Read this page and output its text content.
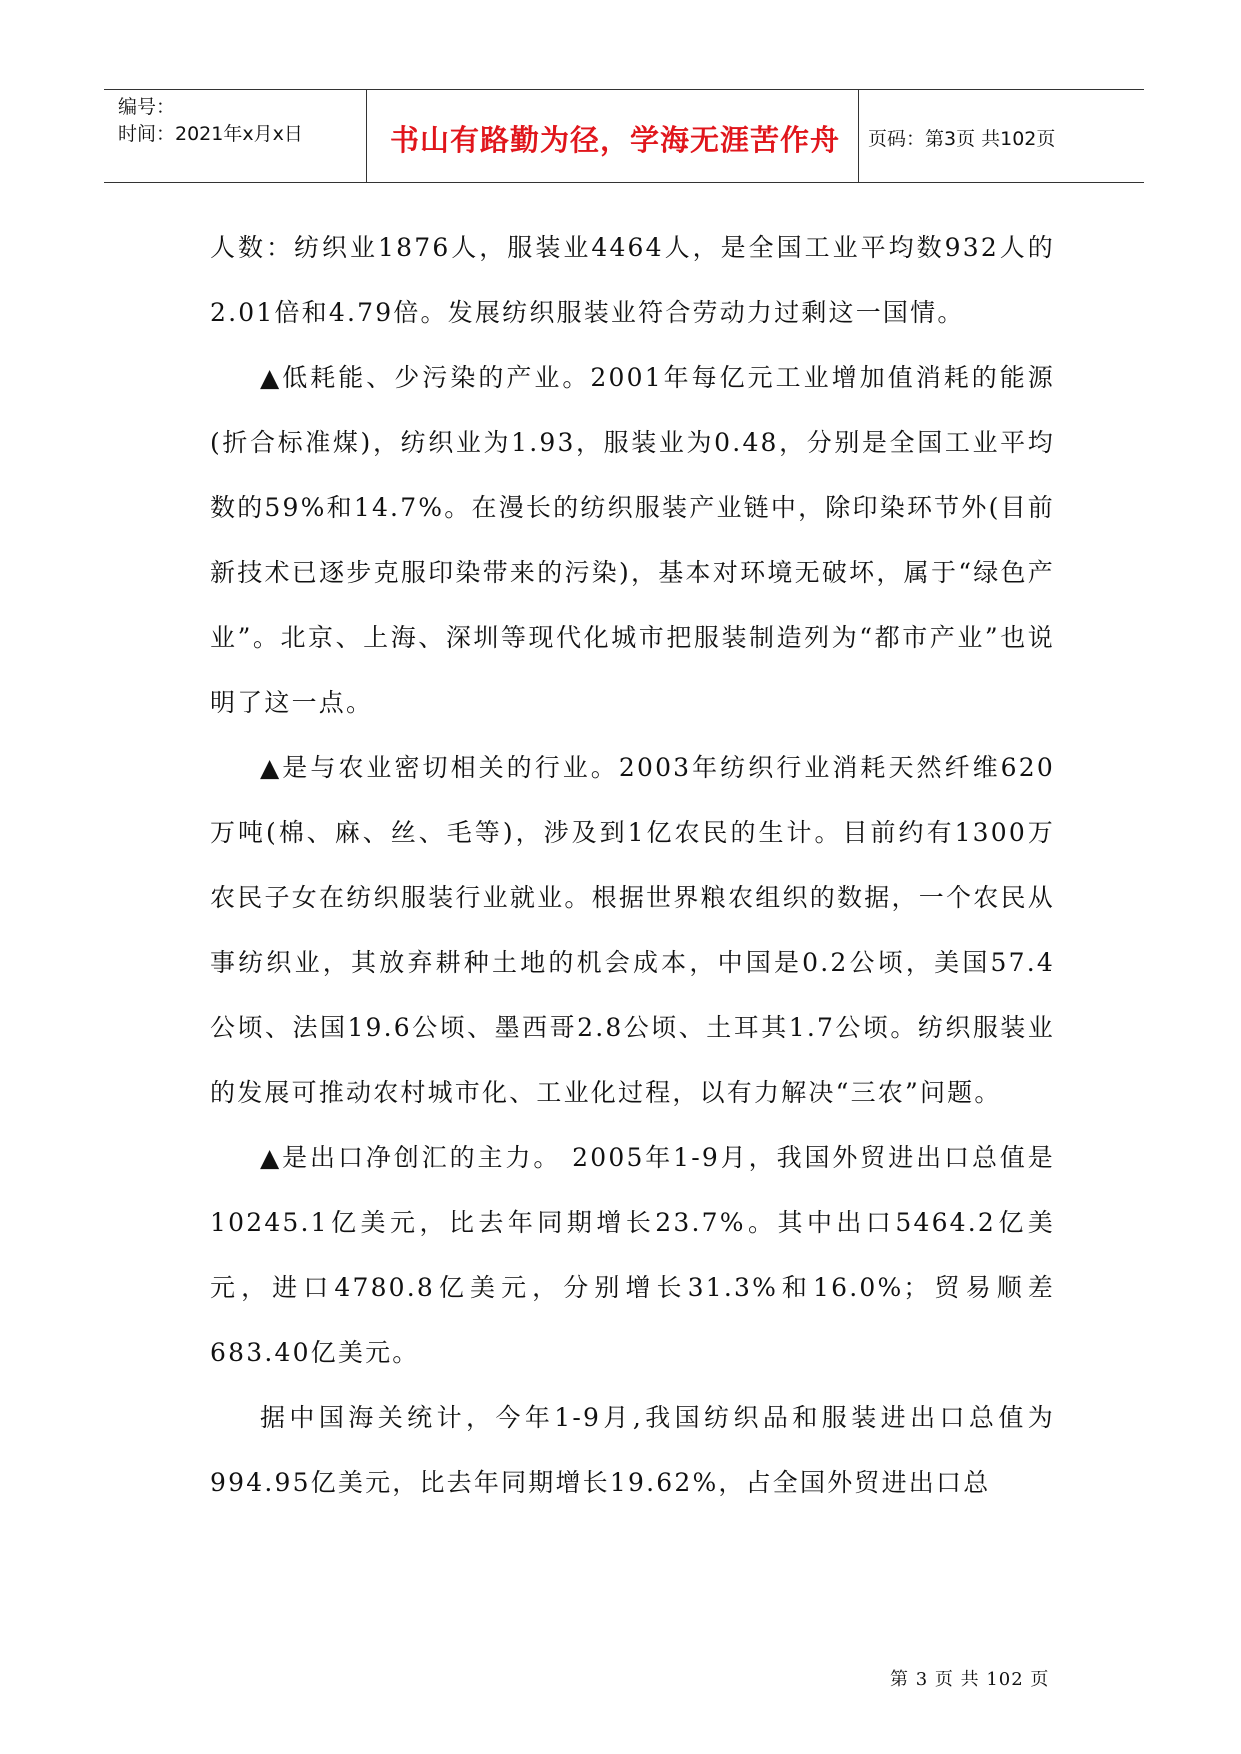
编号：
时间：2021年x月x日	书山有路勤为径，学海无涯苦作舟	页码：第3页 共102页

人数：纺织业1876人，服装业4464人，是全国工业平均数932人的2.01倍和4.79倍。发展纺织服装业符合劳动力过剩这一国情。

▲低耗能、少污染的产业。2001年每亿元工业增加值消耗的能源(折合标准煤)，纺织业为1.93，服装业为0.48，分别是全国工业平均数的59%和14.7%。在漫长的纺织服装产业链中，除印染环节外(目前新技术已逐步克服印染带来的污染)，基本对环境无破坏，属于“绿色产业”。北京、上海、深圳等现代化城市把服装制造列为“都市产业”也说明了这一点。

▲是与农业密切相关的行业。2003年纺织行业消耗天然纤维620万吨(棉、麻、丝、毛等)，涉及到1亿农民的生计。目前约有1300万农民子女在纺织服装行业就业。根据世界粮农组织的数据，一个农民从事纺织业，其放弃耕种土地的机会成本，中国是0.2公顷，美国57.4公顷、法国19.6公顷、墨西哥2.8公顷、土耳其1.7公顷。纺织服装业的发展可推动农村城市化、工业化过程，以有力解决“三农”问题。

▲是出口净创汇的主力。 2005年1-9月，我国外贸进出口总值是10245.1亿美元，比去年同期增长23.7%。其中出口5464.2亿美元，进口4780.8亿美元，分别增长31.3%和16.0%；贸易顺差683.40亿美元。

据中国海关统计，今年1-9月,我国纺织品和服装进出口总值为994.95亿美元，比去年同期增长19.62%，占全国外贸进出口总

第 3 页 共 102 页
